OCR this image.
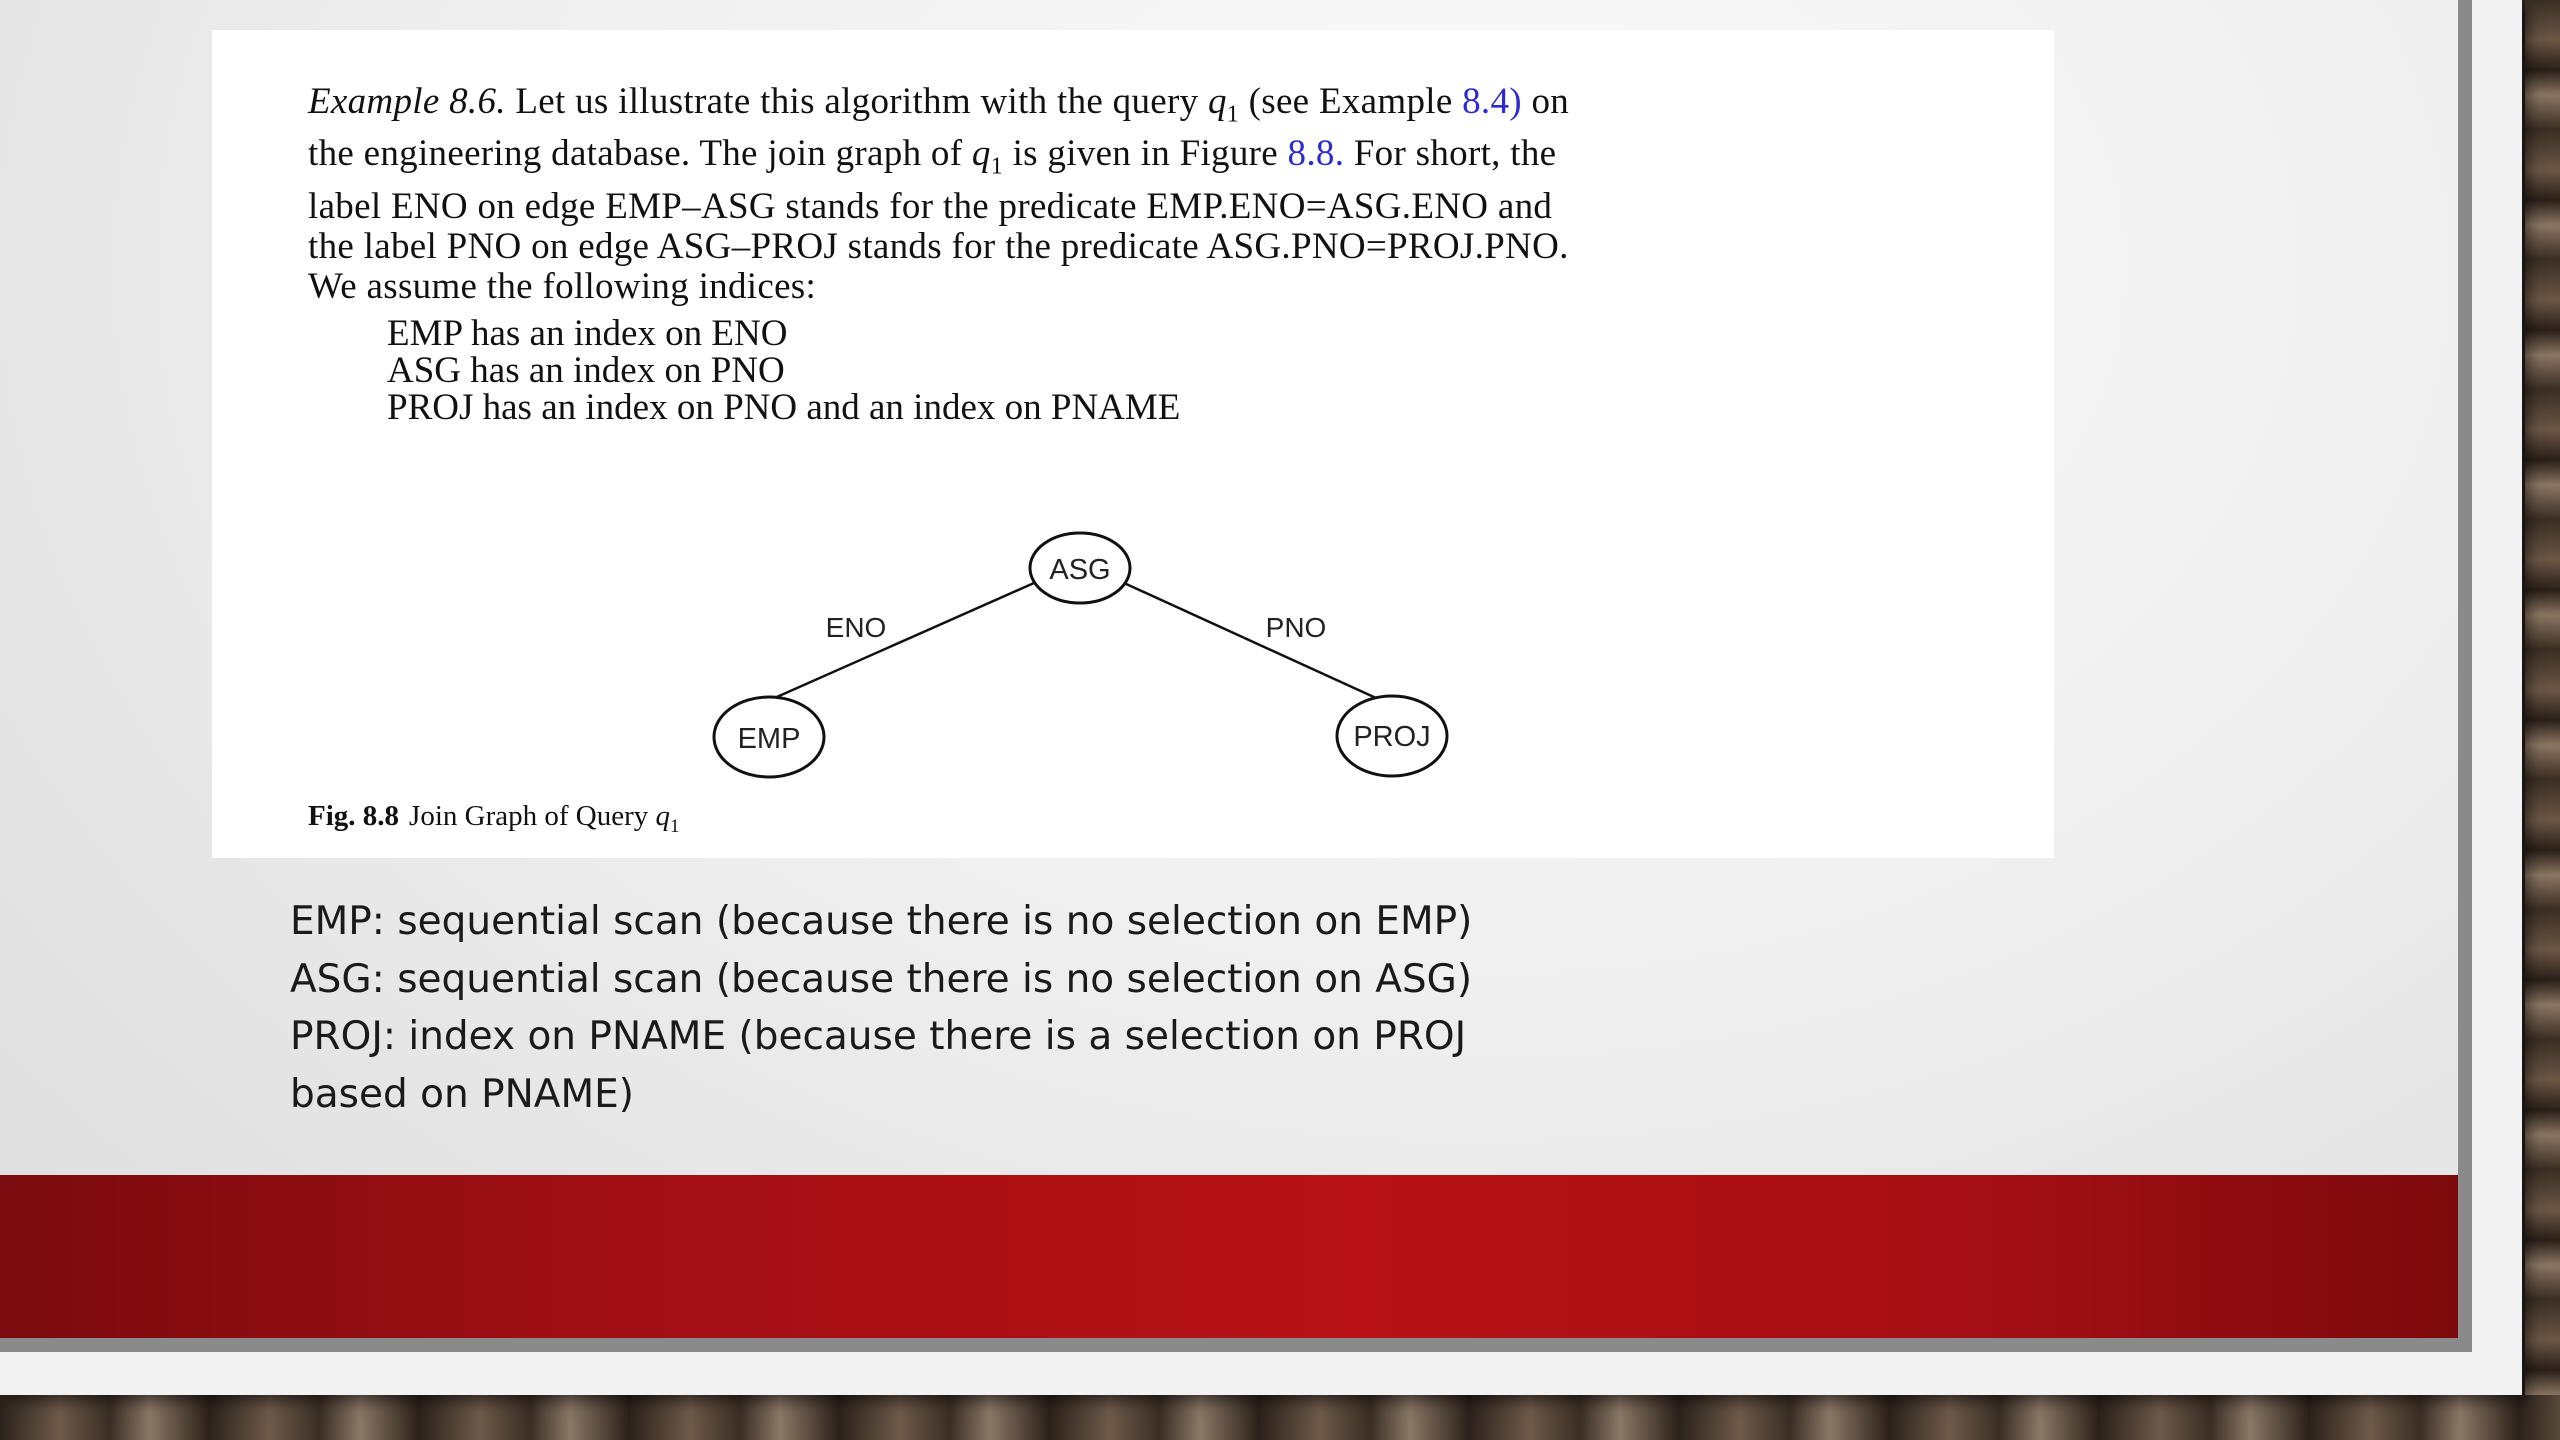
Example 8.6. Let us illustrate this algorithm with the query $q_1$ (see Example 8.4) on

the engineering database. The join graph of $q_1$ is given in Figure 8.8. For short, the

label ENO on edge EMP–ASG stands for the predicate EMP.ENO=ASG.ENO and

the label PNO on edge ASG–PROJ stands for the predicate ASG.PNO=PROJ.PNO.

We assume the following indices:

EMP has an index on ENO
ASG has an index on PNO
PROJ has an index on PNO and an index on PNAME
ASG
EMP	PROJ
ENO	PNO
Fig. 8.8 Join Graph of Query $q_1$
EMP: sequential scan (because there is no selection on EMP)
ASG: sequential scan (because there is no selection on ASG)
PROJ: index on PNAME (because there is a selection on PROJ
based on PNAME)
